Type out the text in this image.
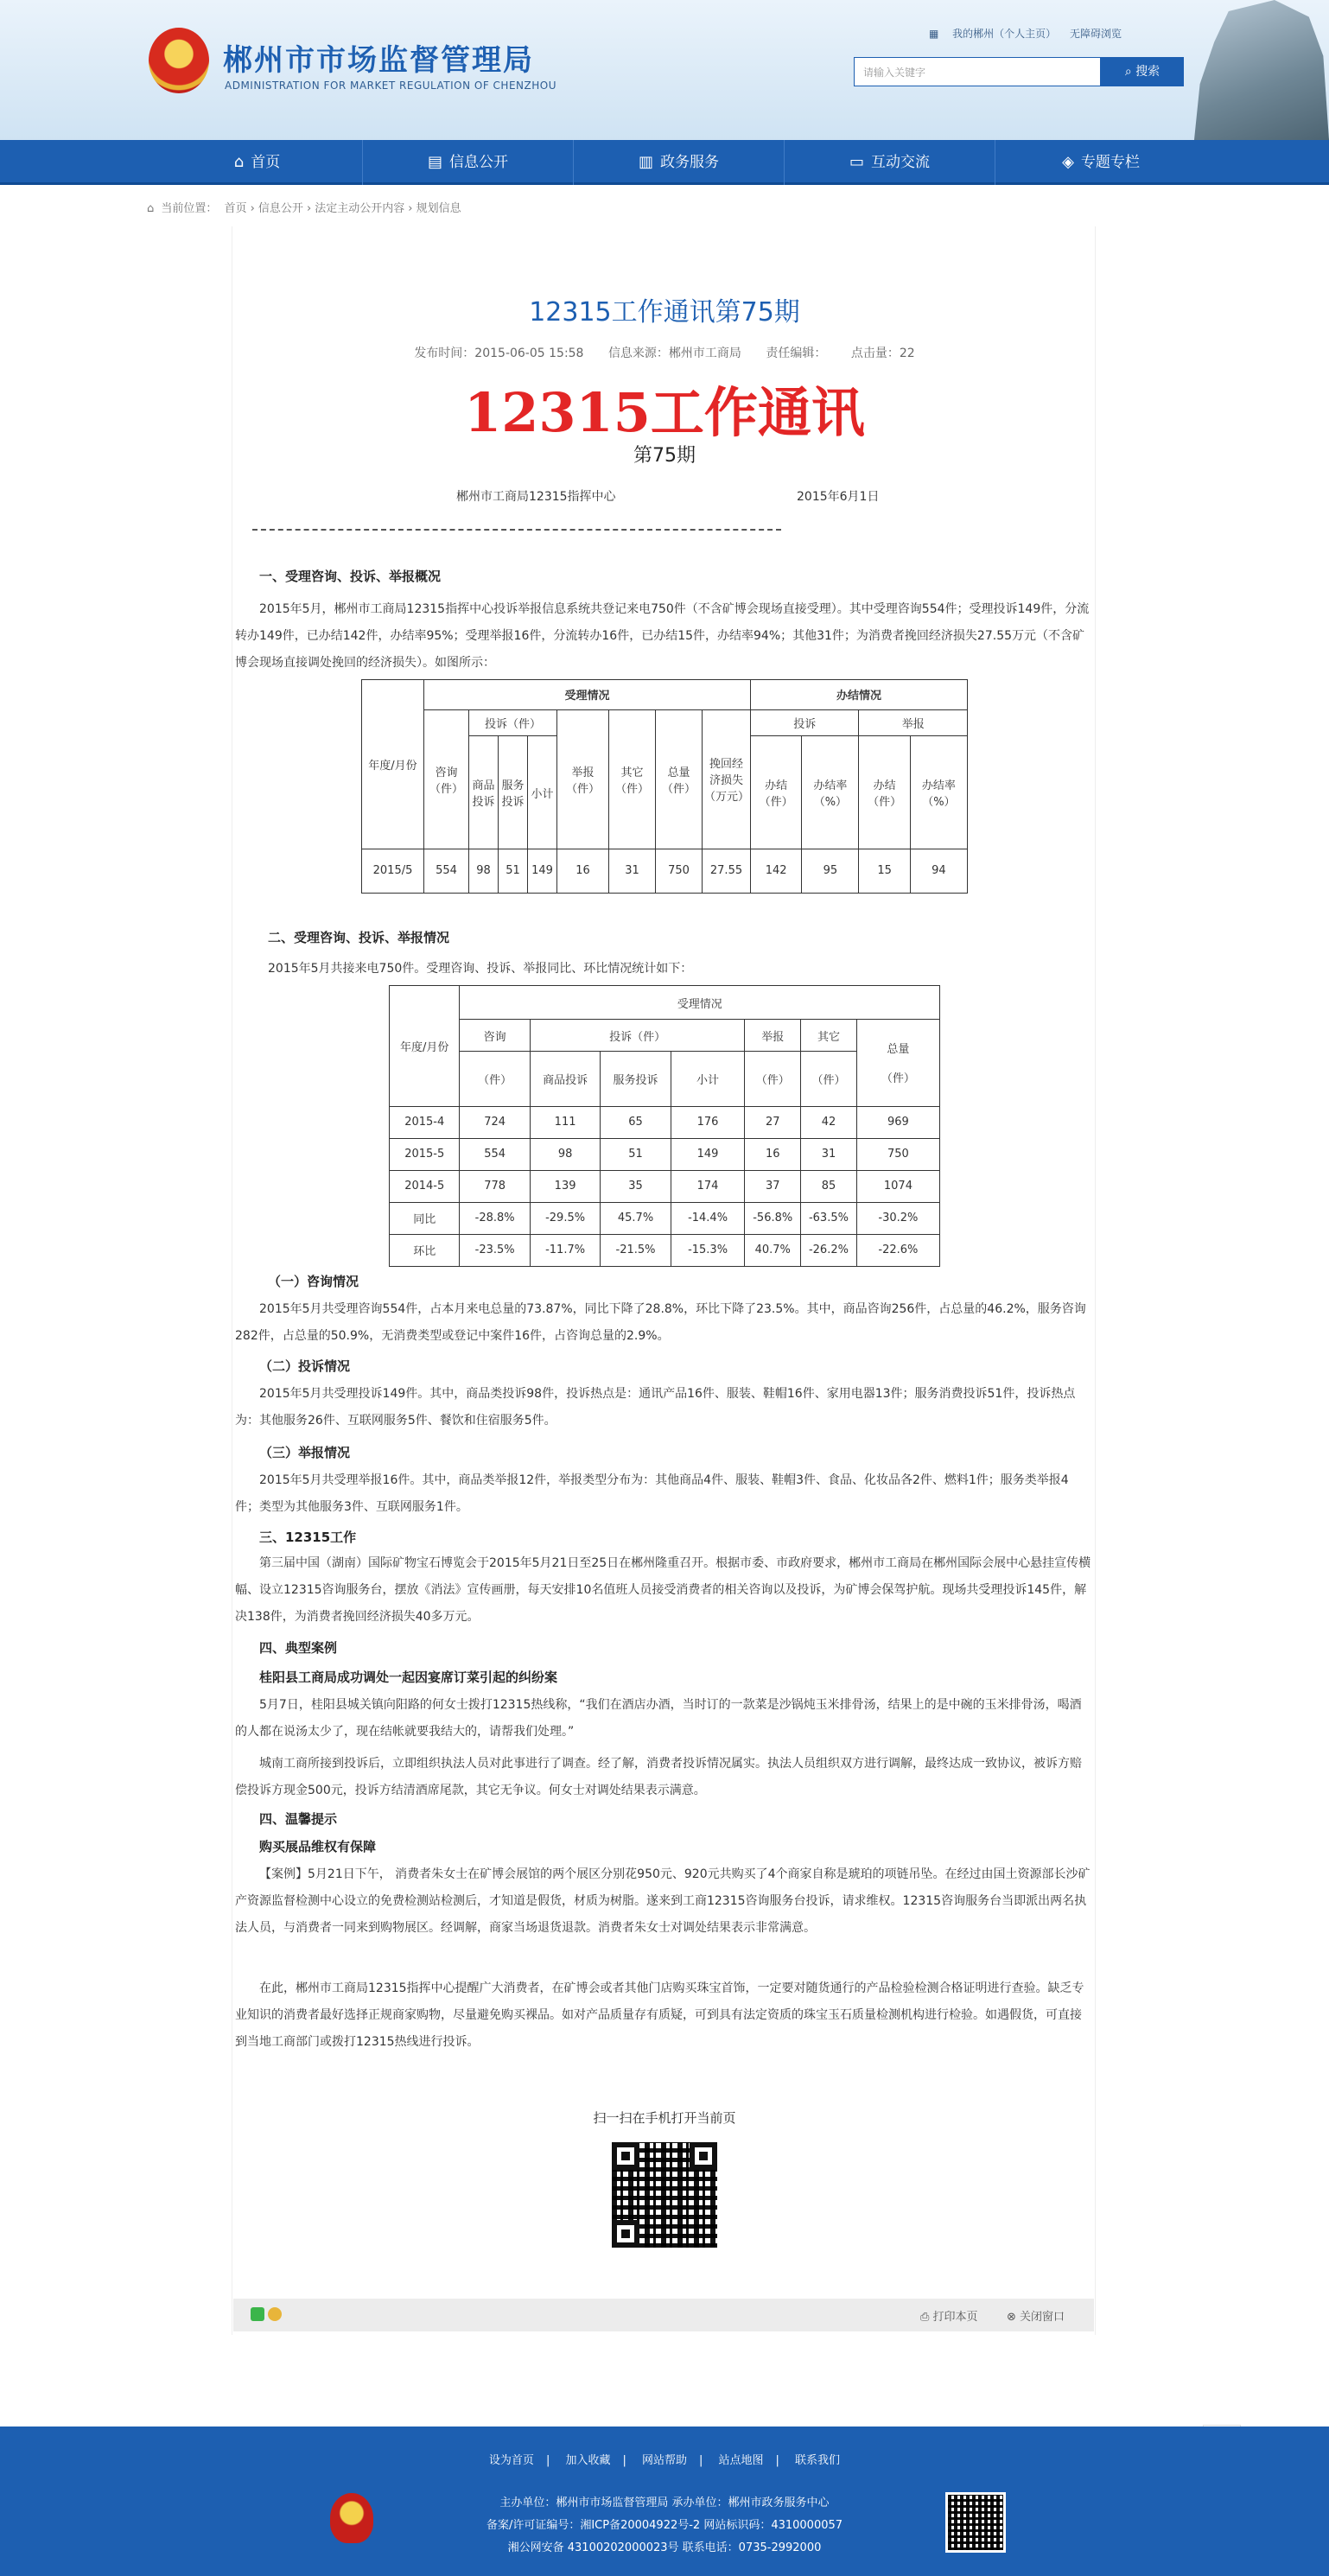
郴州市市场监督管理局
ADMINISTRATION FOR MARKET REGULATION OF CHENZHOU
▦ 我的郴州（个人主页） 无障碍浏览
请输入关键字	⌕ 搜索
⌂ 首页	▤ 信息公开	▥ 政务服务	▭ 互动交流	◈ 专题专栏
⌂ 当前位置： 首页 › 信息公开 › 法定主动公开内容 › 规划信息
12315工作通讯第75期
发布时间：2015-06-05 15:58 信息来源：郴州市工商局 责任编辑： 点击量：22
12315工作通讯
第75期
郴州市工商局12315指挥中心	2015年6月1日
一、受理咨询、投诉、举报概况
2015年5月，郴州市工商局12315指挥中心投诉举报信息系统共登记来电750件（不含矿博会现场直接受理）。其中受理咨询554件；受理投诉149件，分流转办149件，已办结142件，办结率95%；受理举报16件，分流转办16件，已办结15件，办结率94%；其他31件；为消费者挽回经济损失27.55万元（不含矿博会现场直接调处挽回的经济损失）。如图所示：
年度/月份	受理情况								办结情况			
	咨询（件）	投诉（件）			举报（件）	其它（件）	总量（件）	挽回经济损失（万元）	投诉		举报	
		商品投诉	服务投诉	小计					办结（件）	办结率（%）	办结（件）	办结率（%）
2015/5	554	98	51	149	16	31	750	27.55	142	95	15	94
二、受理咨询、投诉、举报情况
2015年5月共接来电750件。受理咨询、投诉、举报同比、环比情况统计如下：
年度/月份	受理情况						
	咨询	投诉（件）			举报	其它	总量

（件）
	（件）	商品投诉	服务投诉	小计	（件）	（件）	
2015-4	724	111	65	176	27	42	969
2015-5	554	98	51	149	16	31	750
2014-5	778	139	35	174	37	85	1074
同比	-28.8%	-29.5%	45.7%	-14.4%	-56.8%	-63.5%	-30.2%
环比	-23.5%	-11.7%	-21.5%	-15.3%	40.7%	-26.2%	-22.6%
（一）咨询情况
2015年5月共受理咨询554件，占本月来电总量的73.87%，同比下降了28.8%，环比下降了23.5%。其中，商品咨询256件，占总量的46.2%，服务咨询282件，占总量的50.9%，无消费类型或登记中案件16件，占咨询总量的2.9%。
（二）投诉情况
2015年5月共受理投诉149件。其中，商品类投诉98件，投诉热点是：通讯产品16件、服装、鞋帽16件、家用电器13件；服务消费投诉51件，投诉热点为：其他服务26件、互联网服务5件、餐饮和住宿服务5件。
（三）举报情况
2015年5月共受理举报16件。其中，商品类举报12件，举报类型分布为：其他商品4件、服装、鞋帽3件、食品、化妆品各2件、燃料1件；服务类举报4件；类型为其他服务3件、互联网服务1件。
三、12315工作
第三届中国（湖南）国际矿物宝石博览会于2015年5月21日至25日在郴州隆重召开。根据市委、市政府要求，郴州市工商局在郴州国际会展中心悬挂宣传横幅、设立12315咨询服务台，摆放《消法》宣传画册，每天安排10名值班人员接受消费者的相关咨询以及投诉，为矿博会保驾护航。现场共受理投诉145件，解决138件，为消费者挽回经济损失40多万元。
四、典型案例
桂阳县工商局成功调处一起因宴席订菜引起的纠纷案
5月7日，桂阳县城关镇向阳路的何女士拨打12315热线称，“我们在酒店办酒，当时订的一款菜是沙锅炖玉米排骨汤，结果上的是中碗的玉米排骨汤，喝酒的人都在说汤太少了，现在结帐就要我结大的，请帮我们处理。”
城南工商所接到投诉后，立即组织执法人员对此事进行了调查。经了解，消费者投诉情况属实。执法人员组织双方进行调解，最终达成一致协议，被诉方赔偿投诉方现金500元，投诉方结清酒席尾款，其它无争议。何女士对调处结果表示满意。
四、温馨提示
购买展品维权有保障
【案例】5月21日下午， 消费者朱女士在矿博会展馆的两个展区分别花950元、920元共购买了4个商家自称是琥珀的项链吊坠。在经过由国土资源部长沙矿产资源监督检测中心设立的免费检测站检测后，才知道是假货，材质为树脂。遂来到工商12315咨询服务台投诉，请求维权。12315咨询服务台当即派出两名执法人员，与消费者一同来到购物展区。经调解，商家当场退货退款。消费者朱女士对调处结果表示非常满意。
在此，郴州市工商局12315指挥中心提醒广大消费者，在矿博会或者其他门店购买珠宝首饰，一定要对随货通行的产品检验检测合格证明进行查验。缺乏专业知识的消费者最好选择正规商家购物，尽量避免购买裸品。如对产品质量存有质疑，可到具有法定资质的珠宝玉石质量检测机构进行检验。如遇假货，可直接到当地工商部门或拨打12315热线进行投诉。
扫一扫在手机打开当前页
⎙ 打印本页	⊗ 关闭窗口
设为首页 | 加入收藏 | 网站帮助 | 站点地图 | 联系我们
主办单位：郴州市市场监督管理局 承办单位：郴州市政务服务中心
备案/许可证编号：湘ICP备20004922号-2 网站标识码：4310000057
湘公网安备 43100202000023号 联系电话：0735-2992000
